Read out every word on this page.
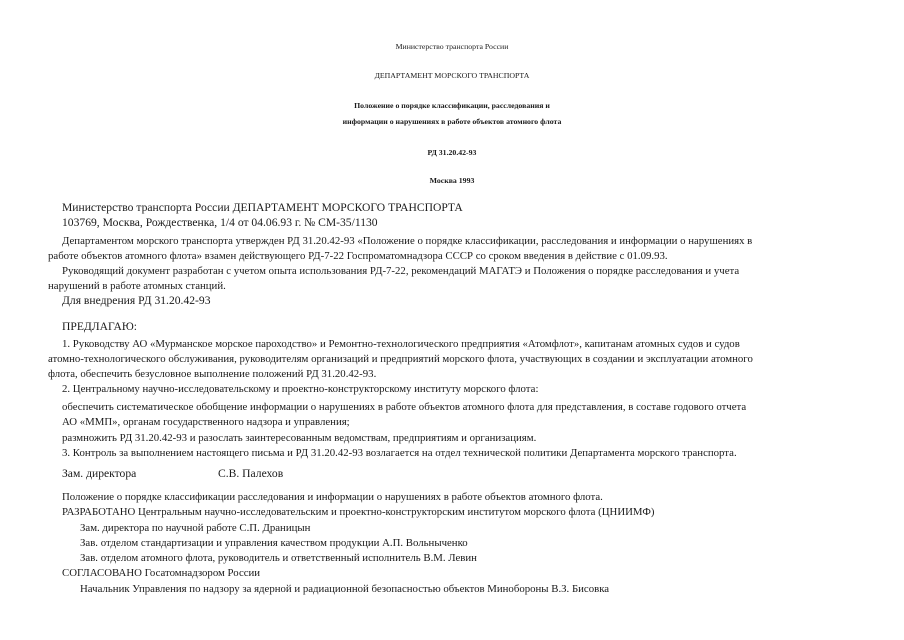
Министерство транспорта России
ДЕПАРТАМЕНТ МОРСКОГО ТРАНСПОРТА
Положение о порядке классификации, расследования и
информации о нарушениях в работе объектов атомного флота
РД 31.20.42-93
Москва 1993
Министерство транспорта России ДЕПАРТАМЕНТ МОРСКОГО ТРАНСПОРТА
103769, Москва, Рождественка, 1/4 от 04.06.93 г. № СМ-35/1130
Департаментом морского транспорта утвержден РД 31.20.42-93 «Положение о порядке классификации, расследования и информации о нарушениях в
работе объектов атомного флота» взамен действующего РД-7-22 Госпроматомнадзора СССР со сроком введения в действие с 01.09.93.
Руководящий документ разработан с учетом опыта использования РД-7-22, рекомендаций МАГАТЭ и Положения о порядке расследования и учета
нарушений в работе атомных станций.
Для внедрения РД 31.20.42-93
ПРЕДЛАГАЮ:
1. Руководству АО «Мурманское морское пароходство» и Ремонтно-технологического предприятия «Атомфлот», капитанам атомных судов и судов
атомно-технологического обслуживания, руководителям организаций и предприятий морского флота, участвующих в создании и эксплуатации атомного
флота, обеспечить безусловное выполнение положений РД 31.20.42-93.
2. Центральному научно-исследовательскому и проектно-конструкторскому институту морского флота:
обеспечить систематическое обобщение информации о нарушениях в работе объектов атомного флота для представления, в составе годового отчета
АО «ММП», органам государственного надзора и управления;
размножить РД 31.20.42-93 и разослать заинтересованным ведомствам, предприятиям и организациям.
3. Контроль за выполнением настоящего письма и РД 31.20.42-93 возлагается на отдел технической политики Департамента морского транспорта.
Зам. директора	С.В. Палехов
Положение о порядке классификации расследования и информации о нарушениях в работе объектов атомного флота.
РАЗРАБОТАНО Центральным научно-исследовательским и проектно-конструкторским институтом морского флота (ЦНИИМФ)
Зам. директора по научной работе С.П. Драницын
Зав. отделом стандартизации и управления качеством продукции А.П. Вольныченко
Зав. отделом атомного флота, руководитель и ответственный исполнитель В.М. Левин
СОГЛАСОВАНО Госатомнадзором России
Начальник Управления по надзору за ядерной и радиационной безопасностью объектов Минобороны В.З. Бисовка
